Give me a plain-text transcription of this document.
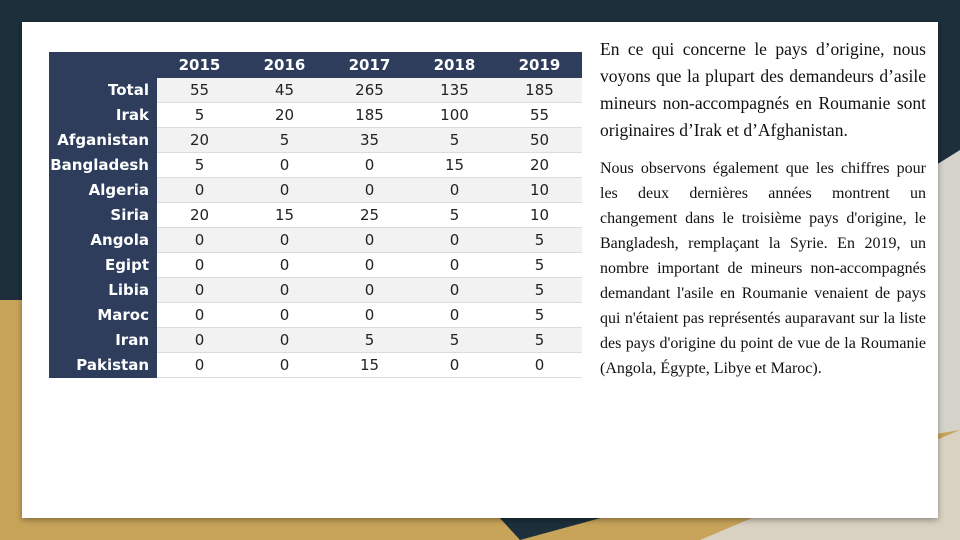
	2015	2016	2017	2018	2019
Total	55	45	265	135	185
Irak	5	20	185	100	55
Afganistan	20	5	35	5	50
Bangladesh	5	0	0	15	20
Algeria	0	0	0	0	10
Siria	20	15	25	5	10
Angola	0	0	0	0	5
Egipt	0	0	0	0	5
Libia	0	0	0	0	5
Maroc	0	0	0	0	5
Iran	0	0	5	5	5
Pakistan	0	0	15	0	0

En ce qui concerne le pays d’origine, nous voyons que la plupart des demandeurs d’asile mineurs non-accompagnés en Roumanie sont originaires d’Irak et d’Afghanistan.

Nous observons également que les chiffres pour les deux dernières années montrent un changement dans le troisième pays d'origine, le Bangladesh, remplaçant la Syrie. En 2019, un nombre important de mineurs non-accompagnés demandant l'asile en Roumanie venaient de pays qui n'étaient pas représentés auparavant sur la liste des pays d'origine du point de vue de la Roumanie (Angola, Égypte, Libye et Maroc).
